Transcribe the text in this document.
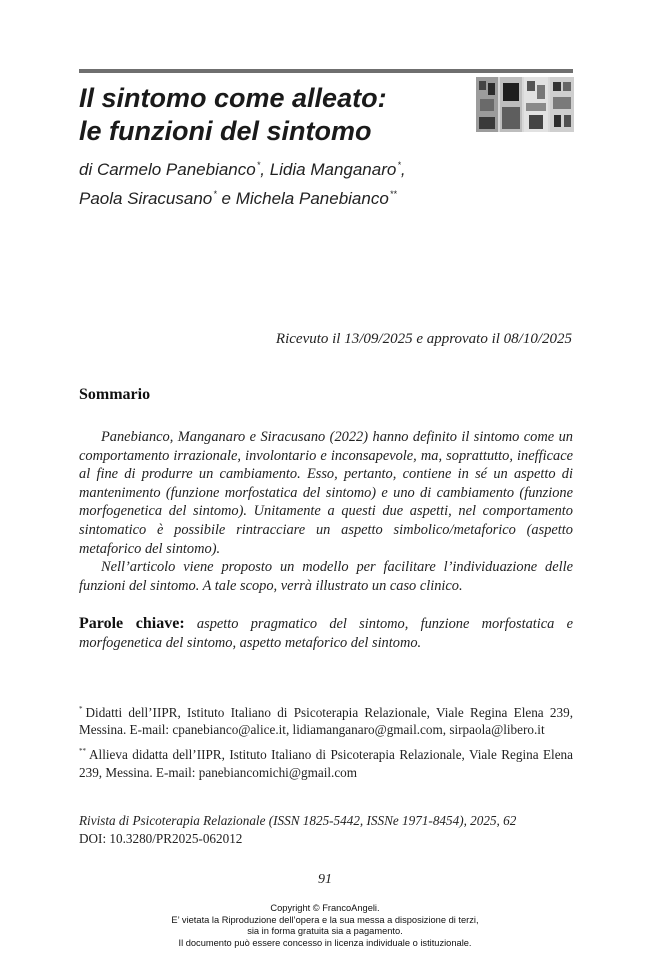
Il sintomo come alleato:
le funzioni del sintomo
di Carmelo Panebianco*, Lidia Manganaro*,
Paola Siracusano* e Michela Panebianco**
Ricevuto il 13/09/2025 e approvato il 08/10/2025
Sommario

Panebianco, Manganaro e Siracusano (2022) hanno definito il sintomo come un comportamento irrazionale, involontario e inconsapevole, ma, soprattutto, inefficace al fine di produrre un cambiamento. Esso, pertanto, contiene in sé un aspetto di mantenimento (funzione morfostatica del sintomo) e uno di cambiamento (funzione morfogenetica del sintomo). Unitamente a questi due aspetti, nel comportamento sintomatico è possibile rintracciare un aspetto simbolico/metaforico (aspetto metaforico del sintomo).

Nell’articolo viene proposto un modello per facilitare l’individuazione delle funzioni del sintomo. A tale scopo, verrà illustrato un caso clinico.

Parole chiave: aspetto pragmatico del sintomo, funzione morfostatica e morfogenetica del sintomo, aspetto metaforico del sintomo.

* Didatti dell’IIPR, Istituto Italiano di Psicoterapia Relazionale, Viale Regina Elena 239, Messina. E-mail: cpanebianco@alice.it, lidiamanganaro@gmail.com, sirpaola@libero.it

** Allieva didatta dell’IIPR, Istituto Italiano di Psicoterapia Relazionale, Viale Regina Elena 239, Messina. E-mail: panebiancomichi@gmail.com

Rivista di Psicoterapia Relazionale (ISSN 1825-5442, ISSNe 1971-8454), 2025, 62
DOI: 10.3280/PR2025-062012
91
Copyright © FrancoAngeli.
E’ vietata la Riproduzione dell’opera e la sua messa a disposizione di terzi,
sia in forma gratuita sia a pagamento.
Il documento può essere concesso in licenza individuale o istituzionale.
